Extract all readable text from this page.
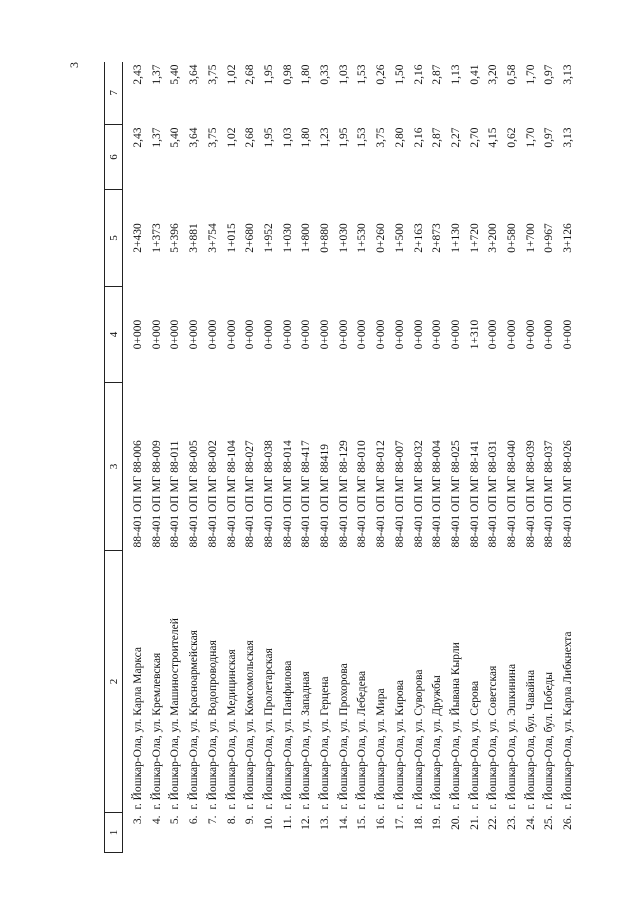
3
1	2	3	4	5	6	7
3.	г. Йошкар-Ола, ул. Карла Маркса	88-401 ОП МГ 88-006	0+000	2+430	2,43	2,43
4.	г. Йошкар-Ола, ул. Кремлевская	88-401 ОП МГ 88-009	0+000	1+373	1,37	1,37
5.	г. Йошкар-Ола, ул. Машиностроителей	88-401 ОП МГ 88-011	0+000	5+396	5,40	5,40
6.	г. Йошкар-Ола, ул. Красноармейская	88-401 ОП МГ 88-005	0+000	3+881	3,64	3,64
7.	г. Йошкар-Ола, ул. Водопроводная	88-401 ОП МГ 88-002	0+000	3+754	3,75	3,75
8.	г. Йошкар-Ола, ул. Медицинская	88-401 ОП МГ 88-104	0+000	1+015	1,02	1,02
9.	г. Йошкар-Ола, ул. Комсомольская	88-401 ОП МГ 88-027	0+000	2+680	2,68	2,68
10.	г. Йошкар-Ола, ул. Пролетарская	88-401 ОП МГ 88-038	0+000	1+952	1,95	1,95
11.	г. Йошкар-Ола, ул. Панфилова	88-401 ОП МГ 88-014	0+000	1+030	1,03	0,98
12.	г. Йошкар-Ола, ул. Западная	88-401 ОП МГ 88-417	0+000	1+800	1,80	1,80
13.	г. Йошкар-Ола, ул. Герцена	88-401 ОП МГ 88419	0+000	0+880	1,23	0,33
14.	г. Йошкар-Ола, ул. Прохорова	88-401 ОП МГ 88-129	0+000	1+030	1,95	1,03
15.	г. Йошкар-Ола, ул. Лебедева	88-401 ОП МГ 88-010	0+000	1+530	1,53	1,53
16.	г. Йошкар-Ола, ул. Мира	88-401 ОП МГ 88-012	0+000	0+260	3,75	0,26
17.	г. Йошкар-Ола, ул. Кирова	88-401 ОП МГ 88-007	0+000	1+500	2,80	1,50
18.	г. Йошкар-Ола, ул. Суворова	88-401 ОП МГ 88-032	0+000	2+163	2,16	2,16
19.	г. Йошкар-Ола, ул. Дружбы	88-401 ОП МГ 88-004	0+000	2+873	2,87	2,87
20.	г. Йошкар-Ола, ул. Йывана Кырли	88-401 ОП МГ 88-025	0+000	1+130	2,27	1,13
21.	г. Йошкар-Ола, ул. Серова	88-401 ОП МГ 88-141	1+310	1+720	2,70	0,41
22.	г. Йошкар-Ола, ул. Советская	88-401 ОП МГ 88-031	0+000	3+200	4,15	3,20
23.	г. Йошкар-Ола, ул. Эшкинина	88-401 ОП МГ 88-040	0+000	0+580	0,62	0,58
24.	г. Йошкар-Ола, бул. Чавайна	88-401 ОП МГ 88-039	0+000	1+700	1,70	1,70
25.	г. Йошкар-Ола, бул. Победы	88-401 ОП МГ 88-037	0+000	0+967	0,97	0,97
26.	г. Йошкар-Ола, ул. Карла Либкнехта	88-401 ОП МГ 88-026	0+000	3+126	3,13	3,13
